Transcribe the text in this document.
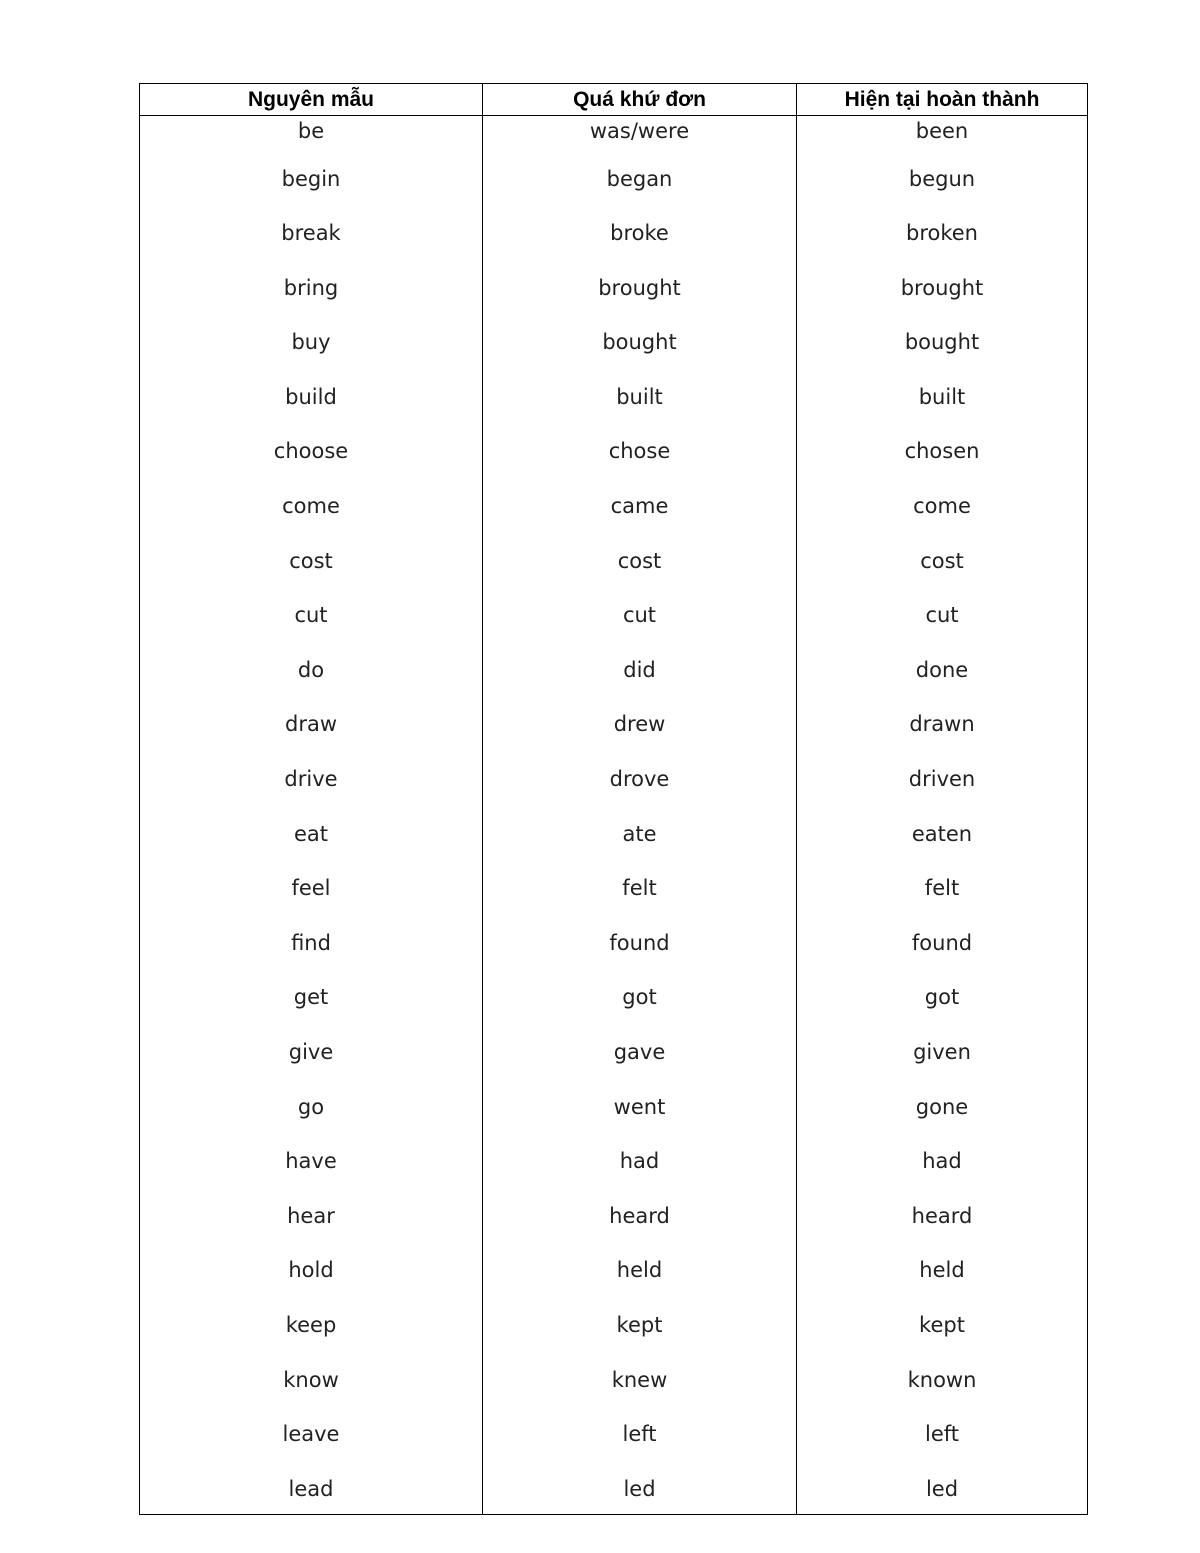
Nguyên mẫu	Quá khứ đơn	Hiện tại hoàn thành
be	was/were	been
begin	began	begun
break	broke	broken
bring	brought	brought
buy	bought	bought
build	built	built
choose	chose	chosen
come	came	come
cost	cost	cost
cut	cut	cut
do	did	done
draw	drew	drawn
drive	drove	driven
eat	ate	eaten
feel	felt	felt
find	found	found
get	got	got
give	gave	given
go	went	gone
have	had	had
hear	heard	heard
hold	held	held
keep	kept	kept
know	knew	known
leave	left	left
lead	led	led
